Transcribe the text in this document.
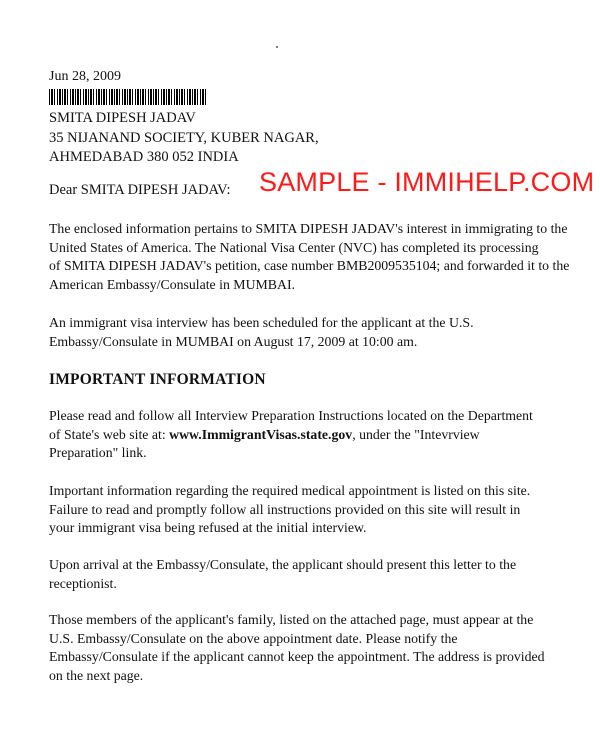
Jun 28, 2009
SMITA DIPESH JADAV
35 NIJANAND SOCIETY, KUBER NAGAR,
AHMEDABAD 380 052 INDIA
Dear SMITA DIPESH JADAV: SAMPLE - IMMIHELP.COM
The enclosed information pertains to SMITA DIPESH JADAV's interest in immigrating to the
United States of America. The National Visa Center (NVC) has completed its processing
of SMITA DIPESH JADAV's petition, case number BMB2009535104; and forwarded it to the
American Embassy/Consulate in MUMBAI.
An immigrant visa interview has been scheduled for the applicant at the U.S.
Embassy/Consulate in MUMBAI on August 17, 2009 at 10:00 am.
IMPORTANT INFORMATION
Please read and follow all Interview Preparation Instructions located on the Department
of State's web site at: www.ImmigrantVisas.state.gov, under the "Intevrview
Preparation" link.
Important information regarding the required medical appointment is listed on this site.
Failure to read and promptly follow all instructions provided on this site will result in
your immigrant visa being refused at the initial interview.
Upon arrival at the Embassy/Consulate, the applicant should present this letter to the
receptionist.
Those members of the applicant's family, listed on the attached page, must appear at the
U.S. Embassy/Consulate on the above appointment date. Please notify the
Embassy/Consulate if the applicant cannot keep the appointment. The address is provided
on the next page.
